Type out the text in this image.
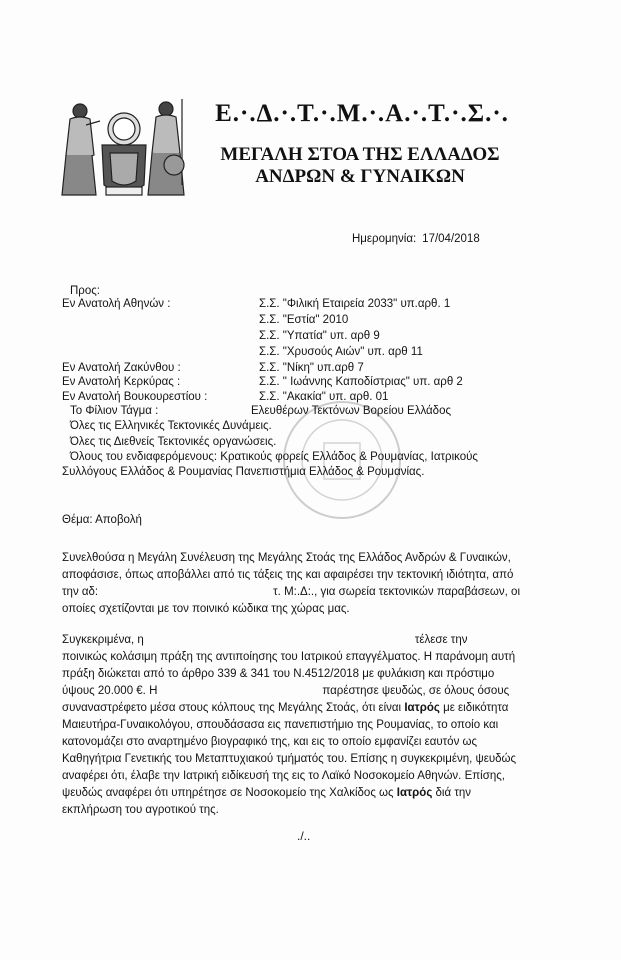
Ε.·.Δ.·.Τ.·.Μ.·.Α.·.Τ.·.Σ.·.
ΜΕΓΑΛΗ ΣΤΟΑ ΤΗΣ ΕΛΛΑΔΟΣ
ΑΝΔΡΩΝ & ΓΥΝΑΙΚΩΝ
Ημερομηνία: 17/04/2018
Προς:
Εν Ανατολή Αθηνών :	Σ.Σ. "Φιλική Εταιρεία 2033" υπ.αρθ. 1
Σ.Σ. "Εστία" 2010
Σ.Σ. "Υπατία" υπ. αρθ 9
Σ.Σ. "Χρυσούς Αιών" υπ. αρθ 11
Εν Ανατολή Ζακύνθου :	Σ.Σ. "Νίκη" υπ.αρθ 7
Εν Ανατολή Κερκύρας :	Σ.Σ. " Ιωάννης Καποδίστριας" υπ. αρθ 2
Εν Ανατολή Βουκουρεστίου :	Σ.Σ. "Ακακία" υπ. αρθ. 01
Το Φίλιον Τάγμα :	Ελευθέρων Τεκτόνων Βορείου Ελλάδος
Όλες τις Ελληνικές Τεκτονικές Δυνάμεις.
Όλες τις Διεθνείς Τεκτονικές οργανώσεις.
Όλους του ενδιαφερόμενους: Κρατικούς φορείς Ελλάδος & Ρουμανίας, Ιατρικούς
Συλλόγους Ελλάδος & Ρουμανίας Πανεπιστήμια Ελλάδος & Ρουμανίας.
Θέμα: Αποβολή
Συνελθούσα η Μεγάλη Συνέλευση της Μεγάλης Στοάς της Ελλάδος Ανδρών & Γυναικών,
αποφάσισε, όπως αποβάλλει από τις τάξεις της και αφαιρέσει την τεκτονική ιδιότητα, από
την αδ:	τ. Μ:.Δ:., για σωρεία τεκτονικών παραβάσεων, οι
οποίες σχετίζονται με τον ποινικό κώδικα της χώρας μας.
Συγκεκριμένα, η	τέλεσε την
ποινικώς κολάσιμη πράξη της αντιποίησης του Ιατρικού επαγγέλματος. Η παράνομη αυτή
πράξη διώκεται από το άρθρο 339 & 341 του Ν.4512/2018 με φυλάκιση και πρόστιμο
ύψους 20.000 €. Η	παρέστησε ψευδώς, σε όλους όσους
συναναστρέφετο μέσα στους κόλπους της Μεγάλης Στοάς, ότι είναι Ιατρός με ειδικότητα
Μαιευτήρα-Γυναικολόγου, σπουδάσασα εις πανεπιστήμιο της Ρουμανίας, το οποίο και
κατονομάζει στο αναρτημένο βιογραφικό της, και εις το οποίο εμφανίζει εαυτόν ως
Καθηγήτρια Γενετικής του Μεταπτυχιακού τμήματός του. Επίσης η συγκεκριμένη, ψευδώς
αναφέρει ότι, έλαβε την Ιατρική ειδίκευσή της εις το Λαϊκό Νοσοκομείο Αθηνών. Επίσης,
ψευδώς αναφέρει ότι υπηρέτησε σε Νοσοκομείο της Χαλκίδος ως Ιατρός διά την
εκπλήρωση του αγροτικού της.
./..
